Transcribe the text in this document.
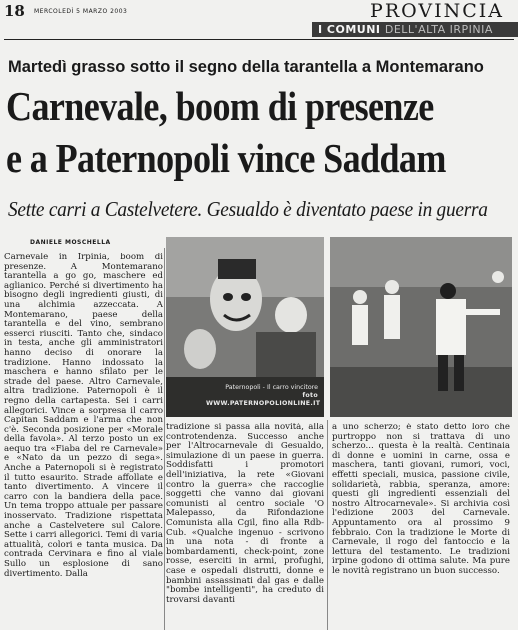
18 MERCOLEDÌ 5 MARZO 2003	PROVINCIA
I COMUNI DELL'ALTA IRPINIA
Martedì grasso sotto il segno della tarantella a Montemarano
Carnevale, boom di presenze
e a Paternopoli vince Saddam
Sette carri a Castelvetere. Gesualdo è diventato paese in guerra
DANIELE MOSCHELLA
Paternopoli - Il carro vincitore
foto WWW.PATERNOPOLIONLINE.IT
Carnevale in Irpinia, boom di presenze. A Montemarano tarantella a go go, maschere ed aglianico. Perché si divertimento ha bisogno degli ingredienti giusti, di una alchimia azzeccata. A Montemarano, paese della tarantella e del vino, sembrano esserci riusciti. Tanto che, sindaco in testa, anche gli amministratori hanno deciso di onorare la tradizione. Hanno indossato la maschera e hanno sfilato per le strade del paese. Altro Carnevale, altra tradizione. Paternopoli è il regno della cartapesta. Sei i carri allegorici. Vince a sorpresa il carro Capitan Saddam e l'arma che non c'è. Seconda posizione per «Morale della favola». Al terzo posto un ex aequo tra «Fiaba del re Carnevale» e «Nato da un pezzo di sega». Anche a Paternopoli si è registrato il tutto esaurito. Strade affollate e tanto divertimento. A vincere il carro con la bandiera della pace. Un tema troppo attuale per passare inosservato. Tradizione rispettata anche a Castelvetere sul Calore. Sette i carri allegorici. Temi di varia attualità, colori e tanta musica. Da contrada Cervinara e fino al viale Sullo un esplosione di sano divertimento. Dalla
tradizione si passa alla novità, alla controtendenza. Successo anche per l'Altrocarnevale di Gesualdo, simulazione di un paese in guerra. Soddisfatti i promotori dell'iniziativa, la rete «Giovani contro la guerra» che raccoglie soggetti che vanno dai giovani comunisti al centro sociale 'O Malepasso, da Rifondazione Comunista alla Cgil, fino alla Rdb-Cub. «Qualche ingenuo - scrivono in una nota - di fronte a bombardamenti, check-point, zone rosse, eserciti in armi, profughi, case e ospedali distrutti, donne e bambini assassinati dal gas e dalle "bombe intelligenti", ha creduto di trovarsi davanti
a uno scherzo; è stato detto loro che purtroppo non si trattava di uno scherzo... questa è la realtà. Centinaia di donne e uomini in carne, ossa e maschera, tanti giovani, rumori, voci, effetti speciali, musica, passione civile, solidarietà, rabbia, speranza, amore: questi gli ingredienti essenziali del nostro Altrocarnevale». Si archivia così l'edizione 2003 del Carnevale. Appuntamento ora al prossimo 9 febbraio. Con la tradizione le Morte di Carnevale, il rogo del fantoccio e la lettura del testamento. Le tradizioni irpine godono di ottima salute. Ma pure le novità registrano un buon successo.
